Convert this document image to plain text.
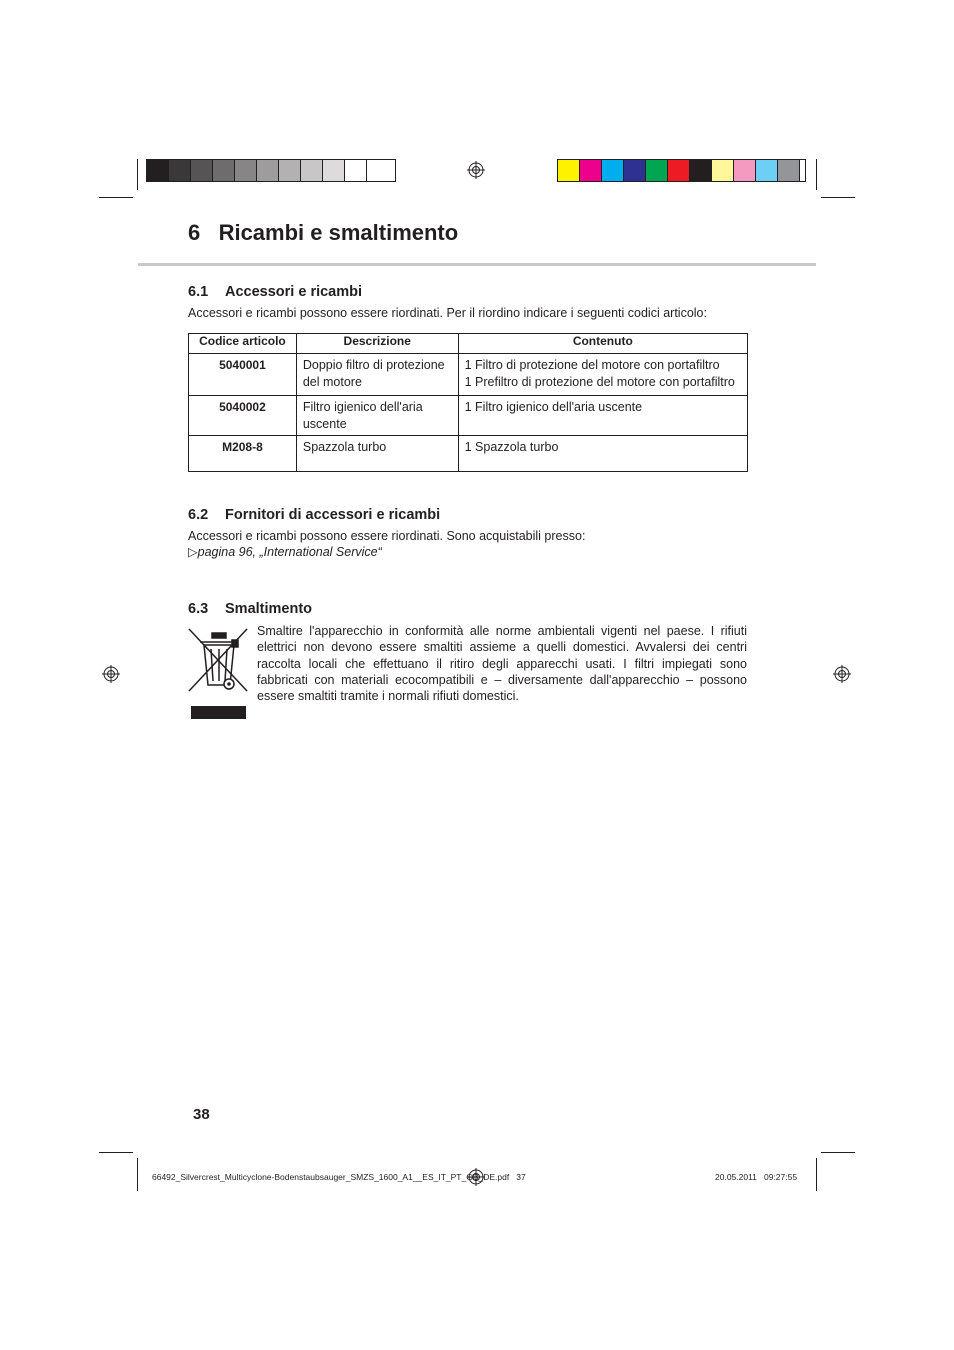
6   Ricambi e smaltimento
6.1 Accessori e ricambi

Accessori e ricambi possono essere riordinati. Per il riordino indicare i seguenti codici articolo:

Codice articolo	Descrizione	Contenuto
5040001	Doppio filtro di protezione del motore	1 Filtro di protezione del motore con portafiltro
1 Prefiltro di protezione del motore con portafiltro

5040002	Filtro igienico dell'aria uscente	1 Filtro igienico dell'aria uscente

M208-8	Spazzola turbo	1 Spazzola turbo
6.2 Fornitori di accessori e ricambi

Accessori e ricambi possono essere riordinati. Sono acquistabili presso:

▷pagina 96, „International Service“

6.3 Smaltimento

Smaltire l'apparecchio in conformità alle norme ambientali vigenti nel paese. I rifiuti elettrici non devono essere smaltiti assieme a quelli domestici. Avvalersi dei centri raccolta locali che effettuano il ritiro degli apparecchi usati. I filtri impiegati sono fabbricati con materiali ecocompatibili e – diversamente dall'apparecchio – possono essere smaltiti tramite i normali rifiuti domestici.

38
66492_Silvercrest_Multicyclone-Bodenstaubsauger_SMZS_1600_A1__ES_IT_PT_GB_DE.pdf   37	20.05.2011   09:27:55
